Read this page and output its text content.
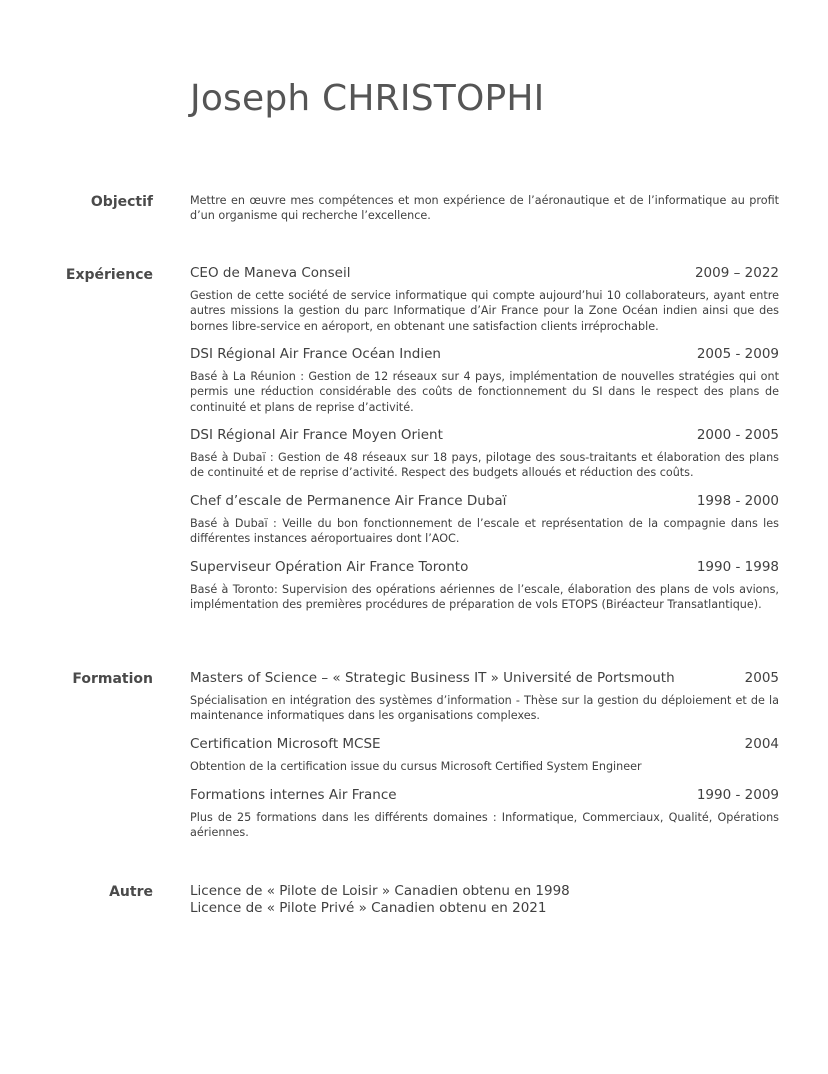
Joseph CHRISTOPHI
Objectif	Mettre en œuvre mes compétences et mon expérience de l’aéronautique et de l’informatique au profit d’un organisme qui recherche l’excellence.
Expérience	CEO de Maneva Conseil	2009 – 2022
Gestion de cette société de service informatique qui compte aujourd’hui 10 collaborateurs, ayant entre autres missions la gestion du parc Informatique d’Air France pour la Zone Océan indien ainsi que des bornes libre-service en aéroport, en obtenant une satisfaction clients irréprochable.
DSI Régional Air France Océan Indien	2005 - 2009
Basé à La Réunion : Gestion de 12 réseaux sur 4 pays, implémentation de nouvelles stratégies qui ont permis une réduction considérable des coûts de fonctionnement du SI dans le respect des plans de continuité et plans de reprise d’activité.
DSI Régional Air France Moyen Orient	2000 - 2005
Basé à Dubaï : Gestion de 48 réseaux sur 18 pays, pilotage des sous-traitants et élaboration des plans de continuité et de reprise d’activité. Respect des budgets alloués et réduction des coûts.
Chef d’escale de Permanence Air France Dubaï	1998 - 2000
Basé à Dubaï : Veille du bon fonctionnement de l’escale et représentation de la compagnie dans les différentes instances aéroportuaires dont l’AOC.
Superviseur Opération Air France Toronto	1990 - 1998
Basé à Toronto: Supervision des opérations aériennes de l’escale, élaboration des plans de vols avions, implémentation des premières procédures de préparation de vols ETOPS (Biréacteur Transatlantique).
Formation	Masters of Science – « Strategic Business IT » Université de Portsmouth	2005
Spécialisation en intégration des systèmes d’information - Thèse sur la gestion du déploiement et de la maintenance informatiques dans les organisations complexes.
Certification Microsoft MCSE	2004
Obtention de la certification issue du cursus Microsoft Certified System Engineer
Formations internes Air France	1990 - 2009
Plus de 25 formations dans les différents domaines : Informatique, Commerciaux, Qualité, Opérations aériennes.
Autre	Licence de « Pilote de Loisir » Canadien obtenu en 1998
Licence de « Pilote Privé » Canadien obtenu en 2021
